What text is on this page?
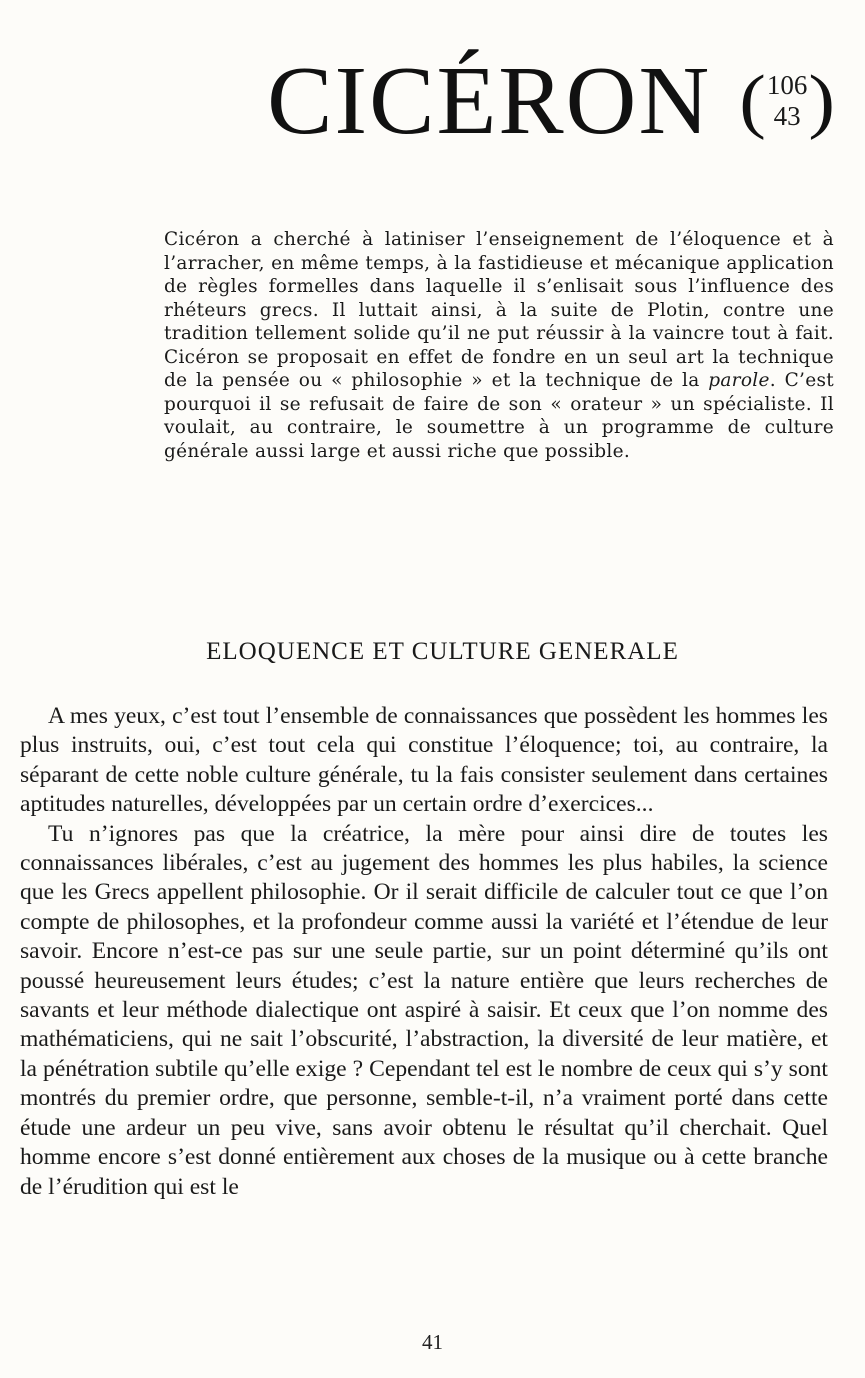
CICÉRON ( 106
43 )

Cicéron a cherché à latiniser l’enseignement de l’éloquence et à l’arracher, en même temps, à la fastidieuse et mécanique application de règles formelles dans laquelle il s’enlisait sous l’influence des rhéteurs grecs. Il luttait ainsi, à la suite de Plotin, contre une tradition tellement solide qu’il ne put réussir à la vaincre tout à fait. Cicéron se proposait en effet de fondre en un seul art la technique de la pensée ou « philosophie » et la technique de la parole. C’est pourquoi il se refusait de faire de son « orateur » un spécialiste. Il voulait, au contraire, le soumettre à un programme de culture générale aussi large et aussi riche que possible.

ELOQUENCE ET CULTURE GENERALE

A mes yeux, c’est tout l’ensemble de connaissances que possèdent les hommes les plus instruits, oui, c’est tout cela qui constitue l’éloquence; toi, au contraire, la séparant de cette noble culture générale, tu la fais consister seulement dans certaines aptitudes naturelles, développées par un certain ordre d’exercices...

Tu n’ignores pas que la créatrice, la mère pour ainsi dire de toutes les connaissances libérales, c’est au jugement des hommes les plus habiles, la science que les Grecs appellent philosophie. Or il serait difficile de calculer tout ce que l’on compte de philosophes, et la profondeur comme aussi la variété et l’étendue de leur savoir. Encore n’est-ce pas sur une seule partie, sur un point déterminé qu’ils ont poussé heureusement leurs études; c’est la nature entière que leurs recherches de savants et leur méthode dialectique ont aspiré à saisir. Et ceux que l’on nomme des mathématiciens, qui ne sait l’obscurité, l’abstraction, la diversité de leur matière, et la pénétration subtile qu’elle exige ? Cependant tel est le nombre de ceux qui s’y sont montrés du premier ordre, que personne, semble-t-il, n’a vraiment porté dans cette étude une ardeur un peu vive, sans avoir obtenu le résultat qu’il cherchait. Quel homme encore s’est donné entièrement aux choses de la musique ou à cette branche de l’érudition qui est le

41
